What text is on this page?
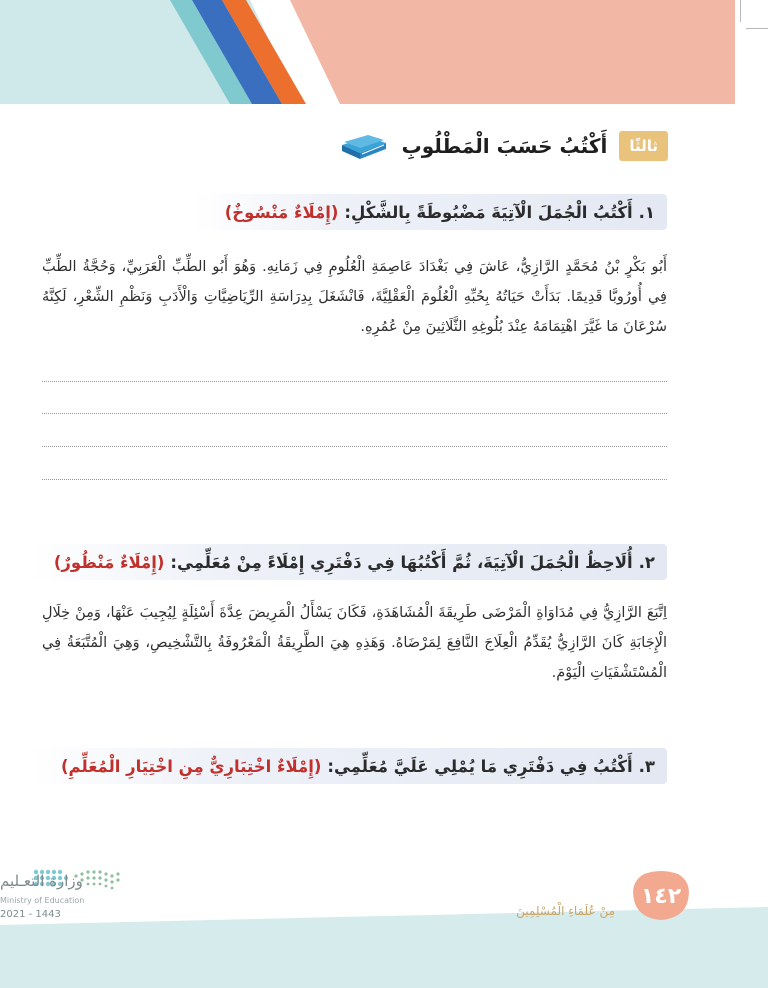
ثالثًا
أَكْتُبُ حَسَبَ الْمَطْلُوبِ
١.
أَكْتُبُ الْجُمَلَ الْآتِيَةَ مَضْبُوطَةً بِالشَّكْلِ:
(إِمْلَاءٌ مَنْسُوخٌ)
أَبُو بَكْرٍ بْنُ مُحَمَّدٍ الرَّازِيُّ، عَاشَ فِي بَغْدَادَ عَاصِمَةِ الْعُلُومِ فِي زَمَانِهِ. وَهُوَ أَبُو الطِّبِّ الْعَرَبِيِّ، وَحُجَّةُ الطِّبِّ فِي أُورُوبَّا قَدِيمًا. بَدَأَتْ حَيَاتُهُ بِحُبِّهِ الْعُلُومَ الْعَقْلِيَّةَ، فَانْشَغَلَ بِدِرَاسَةِ الرِّيَاضِيَّاتِ وَالْأَدَبِ وَنَظْمِ الشِّعْرِ، لَكِنَّهُ سُرْعَانَ مَا غَيَّرَ اهْتِمَامَهُ عِنْدَ بُلُوغِهِ الثَّلَاثِينَ مِنْ عُمُرِهِ.
٢.
أُلَاحِظُ الْجُمَلَ الْآتِيَةَ، ثُمَّ أَكْتُبُهَا فِي دَفْتَرِي إِمْلَاءً مِنْ مُعَلِّمِي:
(إِمْلَاءٌ مَنْظُورٌ)
اِتَّبَعَ الرَّازِيُّ فِي مُدَاوَاةِ الْمَرْضَى طَرِيقَةَ الْمُشَاهَدَةِ، فَكَانَ يَسْأَلُ الْمَرِيضَ عِدَّةَ أَسْئِلَةٍ لِيُجِيبَ عَنْهَا، وَمِنْ خِلَالِ الْإِجَابَةِ كَانَ الرَّازِيُّ يُقَدِّمُ الْعِلَاجَ النَّافِعَ لِمَرْضَاهُ. وَهَذِهِ هِيَ الطَّرِيقَةُ الْمَعْرُوفَةُ بِالتَّشْخِيصِ، وَهِيَ الْمُتَّبَعَةُ فِي الْمُسْتَشْفَيَاتِ الْيَوْمَ.
٣.
أَكْتُبُ فِي دَفْتَرِي مَا يُمْلِي عَلَيَّ مُعَلِّمِي:
(إِمْلَاءٌ اخْتِبَارِيٌّ مِنِ اخْتِيَارِ الْمُعَلِّمِ)
وزارة التعـليم
Ministry of Education
2021 - 1443	مِنْ عُلَمَاءِ الْمُسْلِمِينَ
١٤٢
